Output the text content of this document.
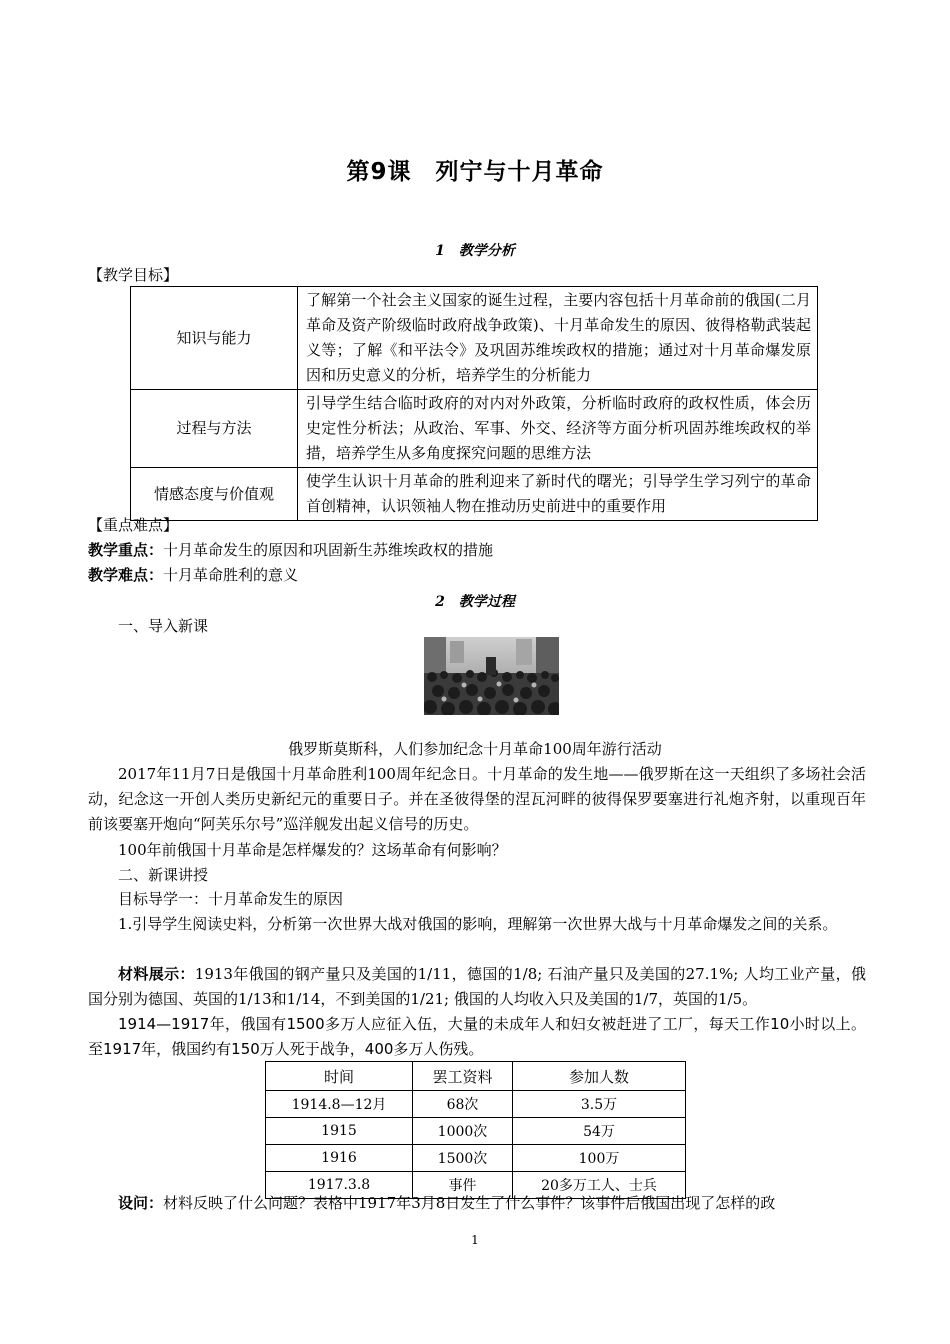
第9课　列宁与十月革命
1　教学分析
【教学目标】
知识与能力	了解第一个社会主义国家的诞生过程，主要内容包括十月革命前的俄国(二月革命及资产阶级临时政府战争政策)、十月革命发生的原因、彼得格勒武装起义等；了解《和平法令》及巩固苏维埃政权的措施；通过对十月革命爆发原因和历史意义的分析，培养学生的分析能力
过程与方法	引导学生结合临时政府的对内对外政策，分析临时政府的政权性质，体会历史定性分析法；从政治、军事、外交、经济等方面分析巩固苏维埃政权的举措，培养学生从多角度探究问题的思维方法
情感态度与价值观	使学生认识十月革命的胜利迎来了新时代的曙光；引导学生学习列宁的革命首创精神，认识领袖人物在推动历史前进中的重要作用
【重点难点】
教学重点：十月革命发生的原因和巩固新生苏维埃政权的措施
教学难点：十月革命胜利的意义
2　教学过程
一、导入新课
俄罗斯莫斯科，人们参加纪念十月革命100周年游行活动
2017年11月7日是俄国十月革命胜利100周年纪念日。十月革命的发生地——俄罗斯在这一天组织了多场社会活动，纪念这一开创人类历史新纪元的重要日子。并在圣彼得堡的涅瓦河畔的彼得保罗要塞进行礼炮齐射，以重现百年前该要塞开炮向“阿芙乐尔号”巡洋舰发出起义信号的历史。
100年前俄国十月革命是怎样爆发的？这场革命有何影响？
二、新课讲授
目标导学一：十月革命发生的原因
1.引导学生阅读史料，分析第一次世界大战对俄国的影响，理解第一次世界大战与十月革命爆发之间的关系。
材料展示：1913年俄国的钢产量只及美国的1/11，德国的1/8; 石油产量只及美国的27.1%; 人均工业产量，俄国分别为德国、英国的1/13和1/14，不到美国的1/21; 俄国的人均收入只及美国的1/7，英国的1/5。
1914—1917年，俄国有1500多万人应征入伍，大量的未成年人和妇女被赶进了工厂，每天工作10小时以上。至1917年，俄国约有150万人死于战争，400多万人伤残。
时间	罢工资料	参加人数
1914.8—12月	68次	3.5万
1915	1000次	54万
1916	1500次	100万
1917.3.8	事件	20多万工人、士兵
设问：材料反映了什么问题？表格中1917年3月8日发生了什么事件？该事件后俄国出现了怎样的政
1
